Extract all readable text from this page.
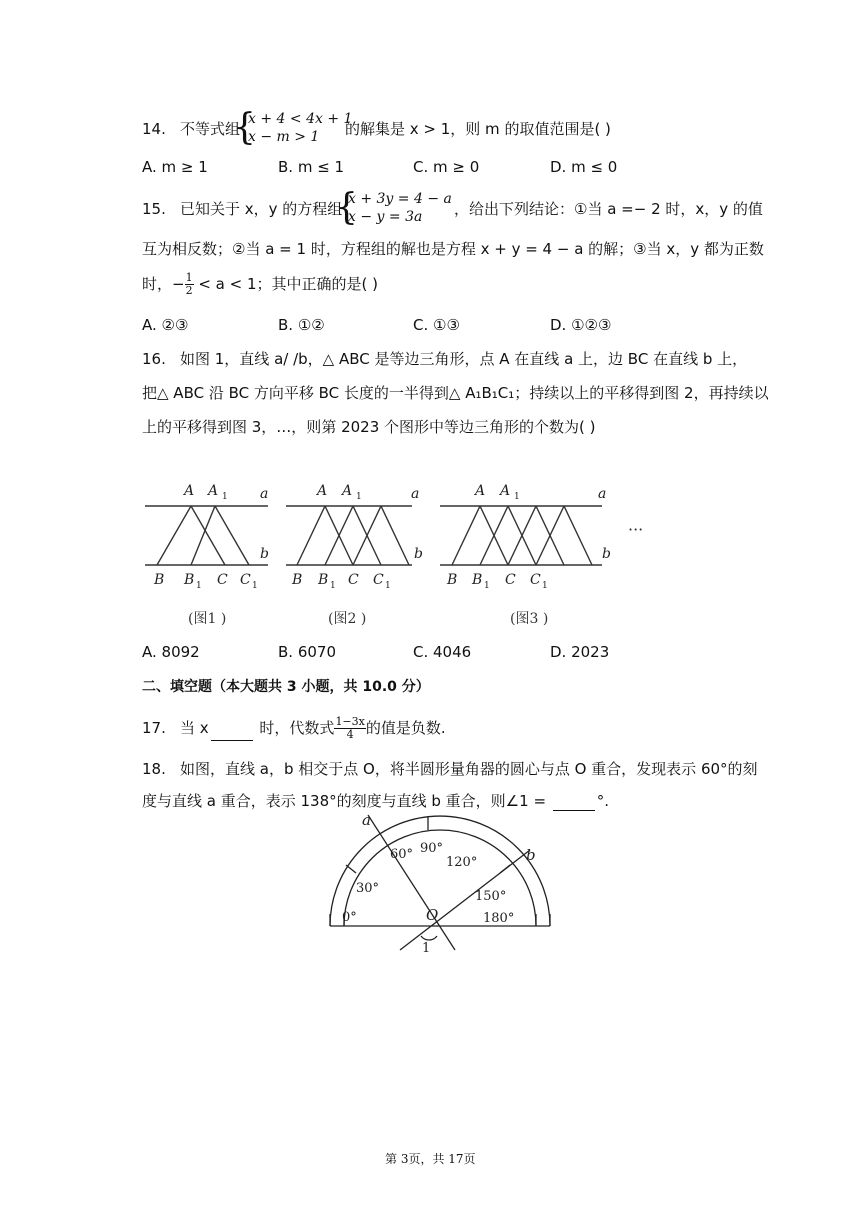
14. 不等式组
{
x + 4 < 4x + 1
x − m > 1	的解集是 x > 1，则 m 的取值范围是( )
A. m ≥ 1	B. m ≤ 1	C. m ≥ 0	D. m ≤ 0
15. 已知关于 x，y 的方程组
{
x + 3y = 4 − a
x − y = 3a	，给出下列结论：①当 a =− 2 时，x，y 的值
互为相反数；②当 a = 1 时，方程组的解也是方程 x + y = 4 − a 的解；③当 x，y 都为正数
时，− $\frac{1}{2} < a < 1$；其中正确的是( )
A. ②③	B. ①②	C. ①③	D. ①②③
16. 如图 1，直线 a/ /b，△ ABC 是等边三角形，点 A 在直线 a 上，边 BC 在直线 b 上，
把△ ABC 沿 BC 方向平移 BC 长度的一半得到△ A₁B₁C₁；持续以上的平移得到图 2，再持续以
上的平移得到图 3，…，则第 2023 个图形中等边三角形的个数为( )
A A 1 a
b
B B 1 C C 1
A A 1	a
b
B B 1 C C 1
A A 1	a
b
B B 1 C C 1
(图1 )	(图2 )	(图3 )
···
A. 8092	B. 6070	C. 4046	D. 2023
二、填空题（本大题共 3 小题，共 10.0 分）
17. 当 x	时，代数式 $\frac{1-3x}{4}$ 的值是负数.
18. 如图，直线 a，b 相交于点 O，将半圆形量角器的圆心与点 O 重合，发现表示 60°的刻
度与直线 a 重合，表示 138°的刻度与直线 b 重合，则∠1 =	°.
0°
30°
60° 90°
120°
150°
180°
a
b
O
1
第 3页，共 17页
